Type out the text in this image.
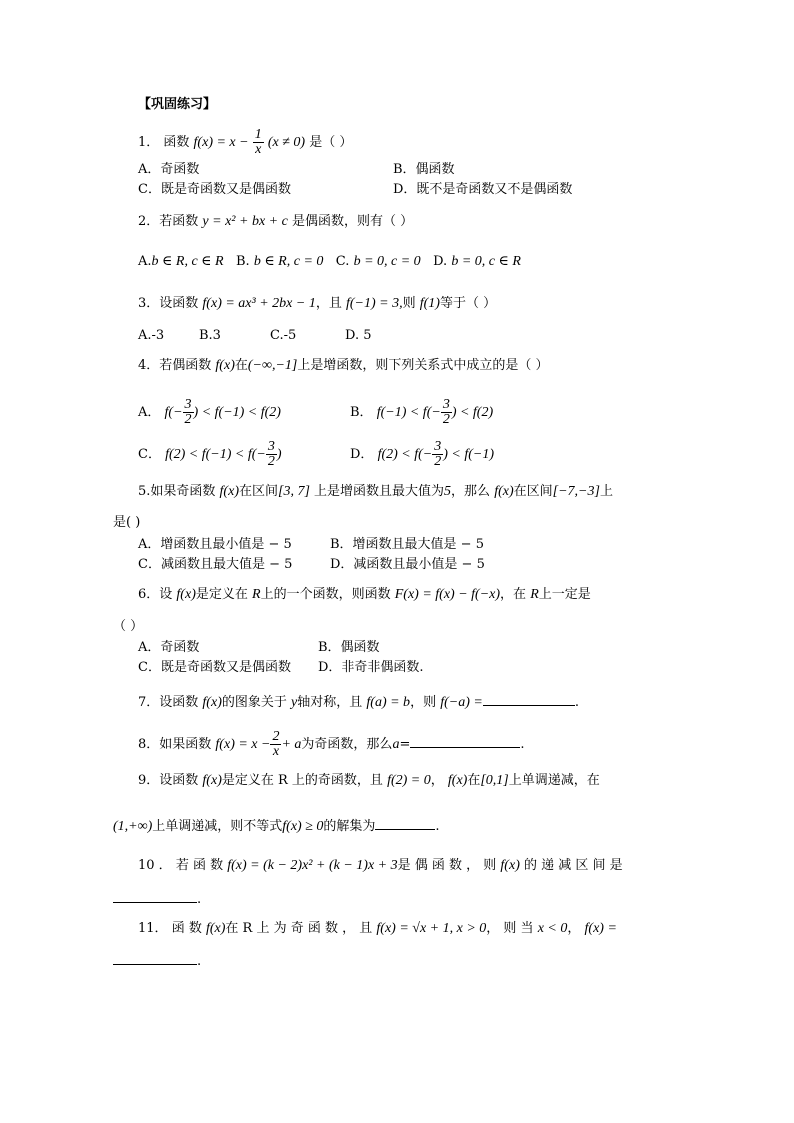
【巩固练习】
1． 函数 $f(x) = x - \frac{1}{x} (x \ne 0)$ 是（ ）
A．奇函数	B．偶函数
C．既是奇函数又是偶函数	D．既不是奇函数又不是偶函数
2．若函数 y = x² + bx + c 是偶函数，则有（ ）
A.b ∈ R, c ∈ R B. b ∈ R, c = 0 C. b = 0, c = 0 D. b = 0, c ∈ R
3．设函数 f(x) = ax³ + 2bx − 1，且 f(−1) = 3,则 f(1)等于（ ）
A.-3	B.3	C.-5	D. 5
4．若偶函数 f(x)在(−∞,−1]上是增函数，则下列关系式中成立的是（ ）
A． $f(- \frac{3}{2}$ ) < f(−1) < f(2)	B． $f(-1) < f(- \frac{3}{2}$ ) < f(2)
C． $f(2) < f(-1) < f(- \frac{3}{2}$ )	D． $f(2) < f(- \frac{3}{2}$ ) < f(−1)
5.如果奇函数 f(x)在区间[3, 7] 上是增函数且最大值为5，那么 f(x)在区间[−7,−3]上
是( )
A．增函数且最小值是 − 5	B．增函数且最大值是 − 5
C．减函数且最大值是 − 5	D．减函数且最小值是 − 5
6．设 f(x)是定义在 R上的一个函数，则函数 F(x) = f(x) − f(−x)，在 R上一定是
（ ）
A．奇函数	B．偶函数
C．既是奇函数又是偶函数 D．非奇非偶函数.
7．设函数 f(x)的图象关于 y轴对称，且 f(a) = b，则 f(−a) =	.
8．如果函数 $f(x) = x - \frac{2}{x} + a$为奇函数，那么a=	.
9．设函数 f(x)是定义在 R 上的奇函数，且 f(2) = 0， f(x)在[0,1]上单调递减，在
(1,+∞)上单调递减，则不等式f(x) ≥ 0的解集为	.
10 ． 若 函 数 f(x) = (k − 2)x² + (k − 1)x + 3是 偶 函 数 ， 则 f(x) 的 递 减 区 间 是
.
11． 函 数 f(x)在 R 上 为 奇 函 数 ， 且 f(x) = √x + 1, x > 0， 则 当 x < 0， f(x) =
.
